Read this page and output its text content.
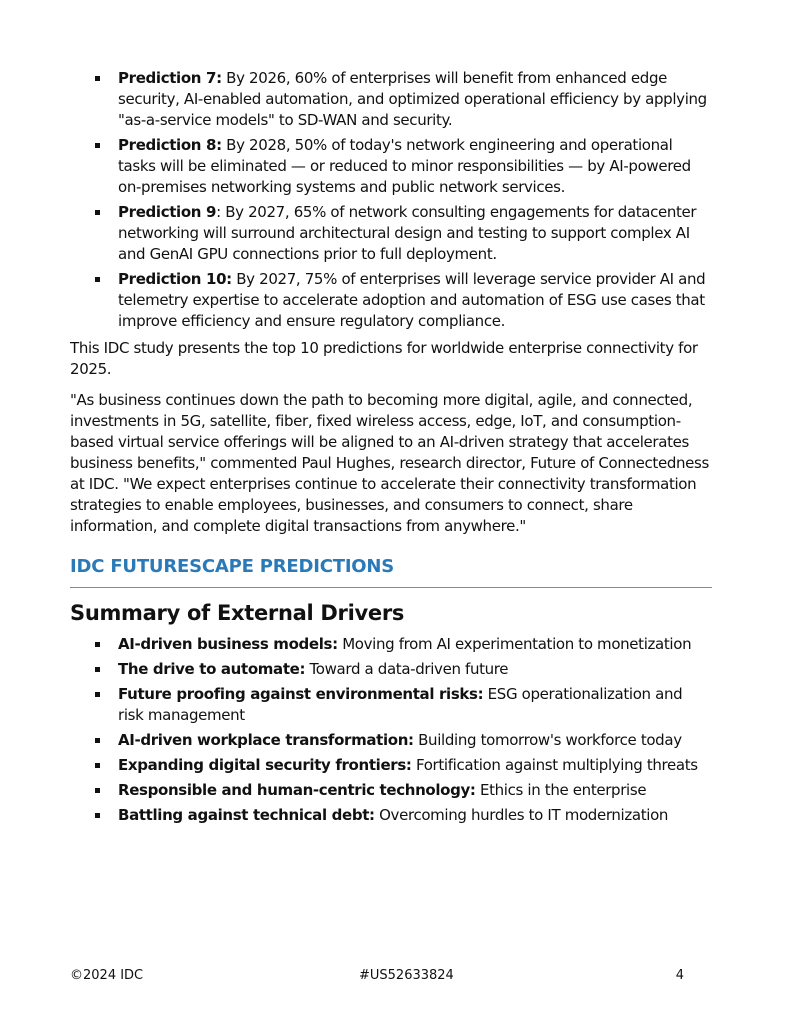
Prediction 7: By 2026, 60% of enterprises will benefit from enhanced edge security, AI-enabled automation, and optimized operational efficiency by applying "as-a-service models" to SD-WAN and security.
Prediction 8: By 2028, 50% of today's network engineering and operational tasks will be eliminated — or reduced to minor responsibilities — by AI-powered on-premises networking systems and public network services.
Prediction 9: By 2027, 65% of network consulting engagements for datacenter networking will surround architectural design and testing to support complex AI and GenAI GPU connections prior to full deployment.
Prediction 10: By 2027, 75% of enterprises will leverage service provider AI and telemetry expertise to accelerate adoption and automation of ESG use cases that improve efficiency and ensure regulatory compliance.

This IDC study presents the top 10 predictions for worldwide enterprise connectivity for 2025.

"As business continues down the path to becoming more digital, agile, and connected, investments in 5G, satellite, fiber, fixed wireless access, edge, IoT, and consumption-based virtual service offerings will be aligned to an AI-driven strategy that accelerates business benefits," commented Paul Hughes, research director, Future of Connectedness at IDC. "We expect enterprises continue to accelerate their connectivity transformation strategies to enable employees, businesses, and consumers to connect, share information, and complete digital transactions from anywhere."

IDC FUTURESCAPE PREDICTIONS
Summary of External Drivers
AI-driven business models: Moving from AI experimentation to monetization
The drive to automate: Toward a data-driven future
Future proofing against environmental risks: ESG operationalization and risk management
AI-driven workplace transformation: Building tomorrow's workforce today
Expanding digital security frontiers: Fortification against multiplying threats
Responsible and human-centric technology: Ethics in the enterprise
Battling against technical debt: Overcoming hurdles to IT modernization
©2024 IDC	#US52633824	4
